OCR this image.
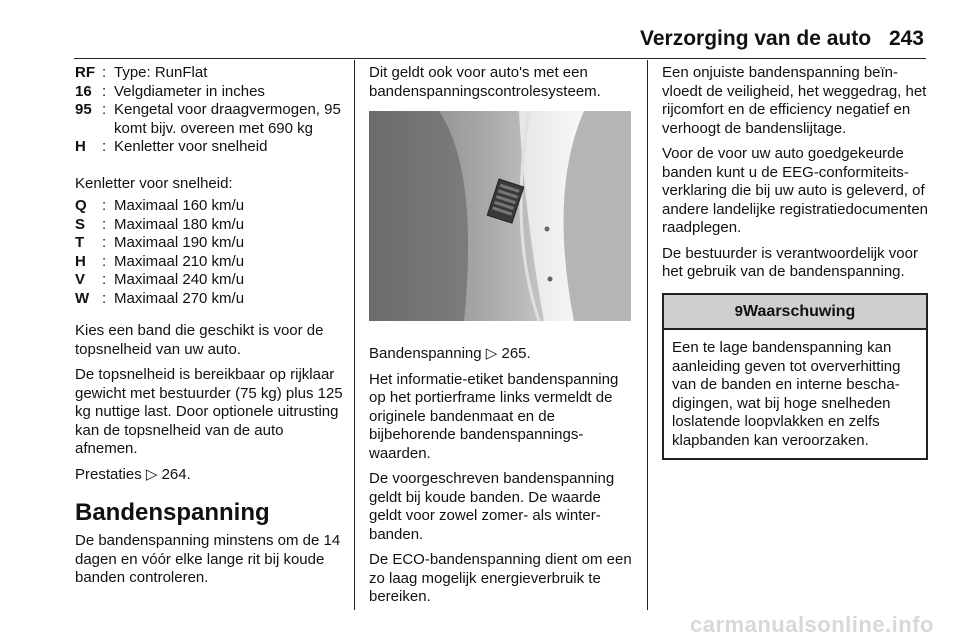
Verzorging van de auto 243
RF : Type: RunFlat
16 : Velgdiameter in inches
95 : Kengetal voor draagvermogen, 95 komt bijv. overeen met 690 kg
H	: Kenletter voor snelheid

Kenletter voor snelheid:

Q	: Maximaal 160 km/u
S	: Maximaal 180 km/u
T	: Maximaal 190 km/u
H	: Maximaal 210 km/u
V	: Maximaal 240 km/u
W : Maximaal 270 km/u

Kies een band die geschikt is voor de topsnelheid van uw auto.

De topsnelheid is bereikbaar op rijklaar gewicht met bestuurder (75 kg) plus 125 kg nuttige last. Door optionele uitrusting kan de topsnelheid van de auto afnemen.

Prestaties ▷ 264.

Bandenspanning

De bandenspanning minstens om de 14 dagen en vóór elke lange rit bij koude banden controleren.

Dit geldt ook voor auto's met een bandenspanningscontrolesysteem.

Bandenspanning ▷ 265.

Het informatie-etiket bandenspanning op het portierframe links vermeldt de originele bandenmaat en de bijbehorende bandenspanningswaarden.

De voorgeschreven bandenspanning geldt bij koude banden. De waarde geldt voor zowel zomer- als winterbanden.

De ECO-bandenspanning dient om een zo laag mogelijk energieverbruik te bereiken.

Een onjuiste bandenspanning beïnvloedt de veiligheid, het weggedrag, het rijcomfort en de efficiency negatief en verhoogt de bandenslijtage.

Voor de voor uw auto goedgekeurde banden kunt u de EEG-conformiteitsverklaring die bij uw auto is geleverd, of andere landelijke registratiedocumenten raadplegen.

De bestuurder is verantwoordelijk voor het gebruik van de bandenspanning.

9Waarschuwing
Een te lage bandenspanning kan aanleiding geven tot oververhitting van de banden en interne beschadigingen, wat bij hoge snelheden loslatende loopvlakken en zelfs klapbanden kan veroorzaken.
carmanualsonline.info
